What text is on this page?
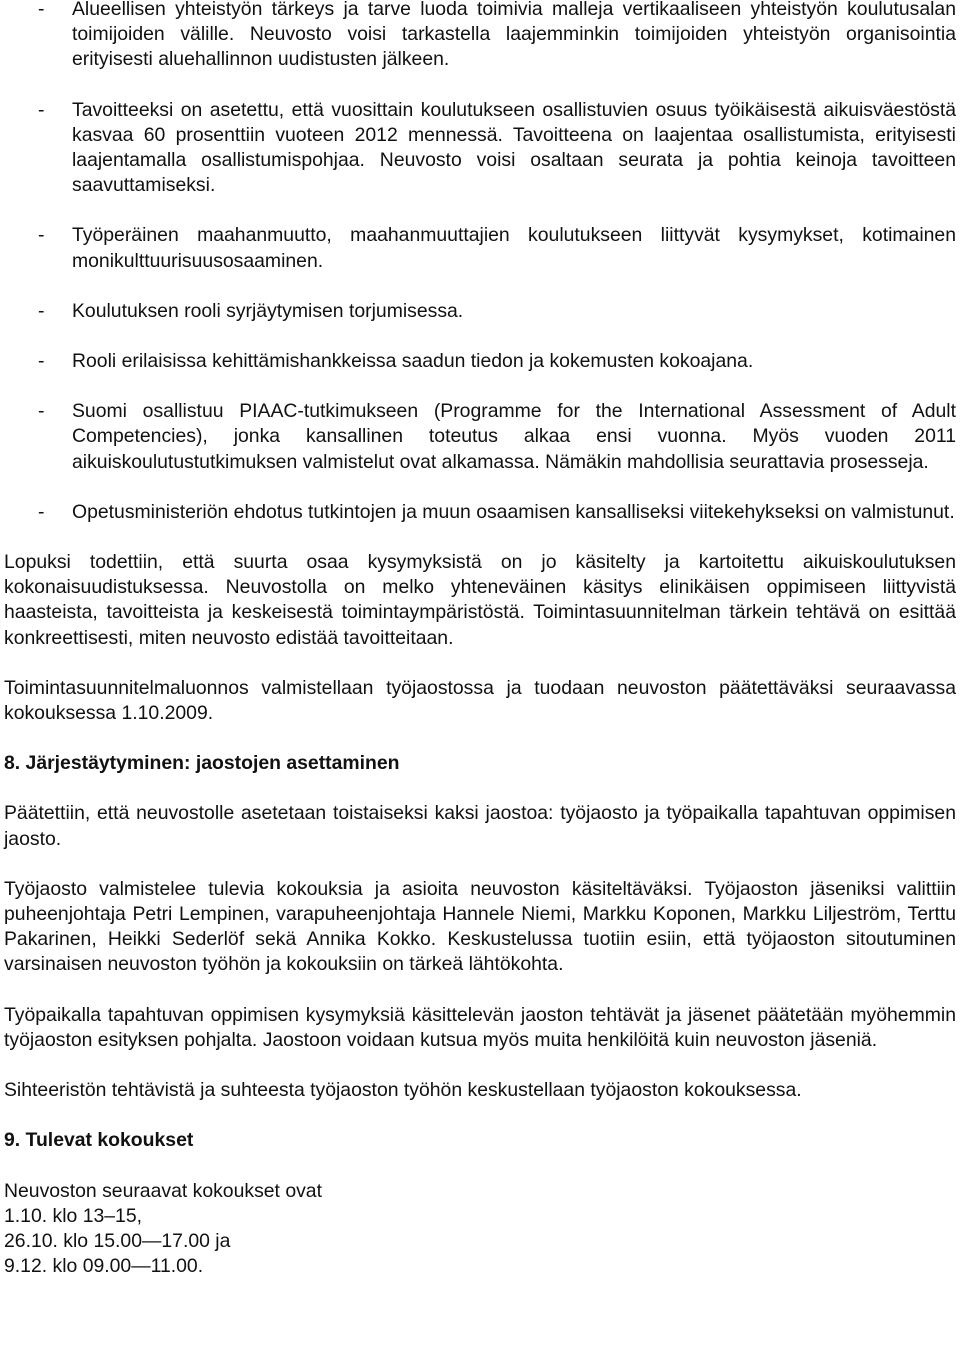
- Alueellisen yhteistyön tärkeys ja tarve luoda toimivia malleja vertikaaliseen yhteistyön koulutusalan toimijoiden välille. Neuvosto voisi tarkastella laajemminkin toimijoiden yhteistyön organisointia erityisesti aluehallinnon uudistusten jälkeen.
- Tavoitteeksi on asetettu, että vuosittain koulutukseen osallistuvien osuus työikäisestä aikuisväestöstä kasvaa 60 prosenttiin vuoteen 2012 mennessä. Tavoitteena on laajentaa osallistumista, erityisesti laajentamalla osallistumispohjaa. Neuvosto voisi osaltaan seurata ja pohtia keinoja tavoitteen saavuttamiseksi.
- Työperäinen maahanmuutto, maahanmuuttajien koulutukseen liittyvät kysymykset, kotimainen monikulttuurisuusosaaminen.
- Koulutuksen rooli syrjäytymisen torjumisessa.
- Rooli erilaisissa kehittämishankkeissa saadun tiedon ja kokemusten kokoajana.
- Suomi osallistuu PIAAC-tutkimukseen (Programme for the International Assessment of Adult Competencies), jonka kansallinen toteutus alkaa ensi vuonna. Myös vuoden 2011 aikuiskoulutustutkimuksen valmistelut ovat alkamassa. Nämäkin mahdollisia seurattavia prosesseja.
- Opetusministeriön ehdotus tutkintojen ja muun osaamisen kansalliseksi viitekehykseksi on valmistunut.

Lopuksi todettiin, että suurta osaa kysymyksistä on jo käsitelty ja kartoitettu aikuiskoulutuksen kokonaisuudistuksessa. Neuvostolla on melko yhteneväinen käsitys elinikäisen oppimiseen liittyvistä haasteista, tavoitteista ja keskeisestä toimintaympäristöstä. Toimintasuunnitelman tärkein tehtävä on esittää konkreettisesti, miten neuvosto edistää tavoitteitaan.

Toimintasuunnitelmaluonnos valmistellaan työjaostossa ja tuodaan neuvoston päätettäväksi seuraavassa kokouksessa 1.10.2009.

8. Järjestäytyminen: jaostojen asettaminen

Päätettiin, että neuvostolle asetetaan toistaiseksi kaksi jaostoa: työjaosto ja työpaikalla tapahtuvan oppimisen jaosto.

Työjaosto valmistelee tulevia kokouksia ja asioita neuvoston käsiteltäväksi. Työjaoston jäseniksi valittiin puheenjohtaja Petri Lempinen, varapuheenjohtaja Hannele Niemi, Markku Koponen, Markku Liljeström, Terttu Pakarinen, Heikki Sederlöf sekä Annika Kokko. Keskustelussa tuotiin esiin, että työjaoston sitoutuminen varsinaisen neuvoston työhön ja kokouksiin on tärkeä lähtökohta.

Työpaikalla tapahtuvan oppimisen kysymyksiä käsittelevän jaoston tehtävät ja jäsenet päätetään myöhemmin työjaoston esityksen pohjalta. Jaostoon voidaan kutsua myös muita henkilöitä kuin neuvoston jäseniä.

Sihteeristön tehtävistä ja suhteesta työjaoston työhön keskustellaan työjaoston kokouksessa.

9. Tulevat kokoukset

Neuvoston seuraavat kokoukset ovat

1.10. klo 13–15,

26.10. klo 15.00—17.00 ja

9.12. klo 09.00—11.00.
